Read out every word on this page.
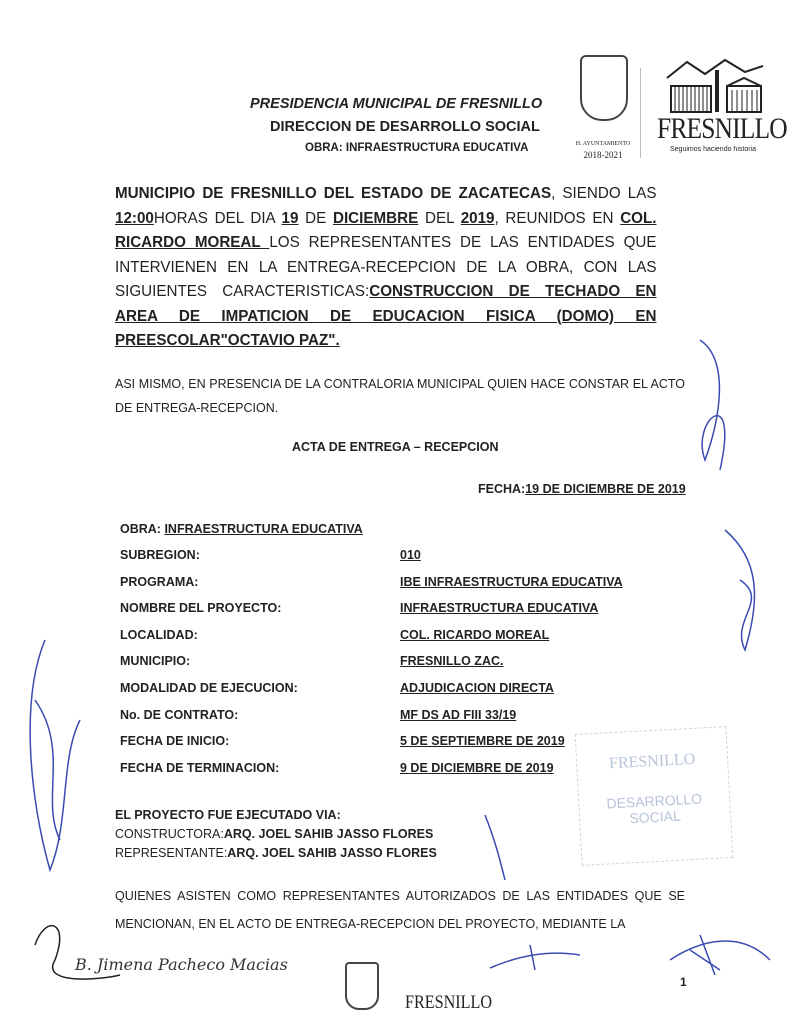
PRESIDENCIA MUNICIPAL DE FRESNILLO
DIRECCION DE DESARROLLO SOCIAL
OBRA: INFRAESTRUCTURA EDUCATIVA	H. AYUNTAMIENTO
2018-2021
FRESNILLO
Seguimos haciendo historia
MUNICIPIO DE FRESNILLO DEL ESTADO DE ZACATECAS, SIENDO LAS 12:00HORAS DEL DIA 19 DE DICIEMBRE DEL 2019, REUNIDOS EN COL. RICARDO MOREAL LOS REPRESENTANTES DE LAS ENTIDADES QUE INTERVIENEN EN LA ENTREGA-RECEPCION DE LA OBRA, CON LAS SIGUIENTES CARACTERISTICAS:CONSTRUCCION DE TECHADO EN AREA DE IMPATICION DE EDUCACION FISICA (DOMO) EN PREESCOLAR"OCTAVIO PAZ".
ASI MISMO, EN PRESENCIA DE LA CONTRALORIA MUNICIPAL QUIEN HACE CONSTAR EL ACTO DE ENTREGA-RECEPCION.
ACTA DE ENTREGA – RECEPCION
FECHA:19 DE DICIEMBRE DE 2019
OBRA: INFRAESTRUCTURA EDUCATIVA
SUBREGION:	010
PROGRAMA:	IBE INFRAESTRUCTURA EDUCATIVA
NOMBRE DEL PROYECTO:	INFRAESTRUCTURA EDUCATIVA
LOCALIDAD:	COL. RICARDO MOREAL
MUNICIPIO:	FRESNILLO ZAC.
MODALIDAD DE EJECUCION:	ADJUDICACION DIRECTA
No. DE CONTRATO:	MF DS AD FIII 33/19
FECHA DE INICIO:	5 DE SEPTIEMBRE DE 2019
FECHA DE TERMINACION:	9 DE DICIEMBRE DE 2019
EL PROYECTO FUE EJECUTADO VIA:
CONSTRUCTORA:ARQ. JOEL SAHIB JASSO FLORES
REPRESENTANTE:ARQ. JOEL SAHIB JASSO FLORES
QUIENES ASISTEN COMO REPRESENTANTES AUTORIZADOS DE LAS ENTIDADES QUE SE MENCIONAN, EN EL ACTO DE ENTREGA-RECEPCION DEL PROYECTO, MEDIANTE LA
FRESNILLO
DESARROLLO SOCIAL
B. Jimena Pacheco Macias
FRESNILLO
1
